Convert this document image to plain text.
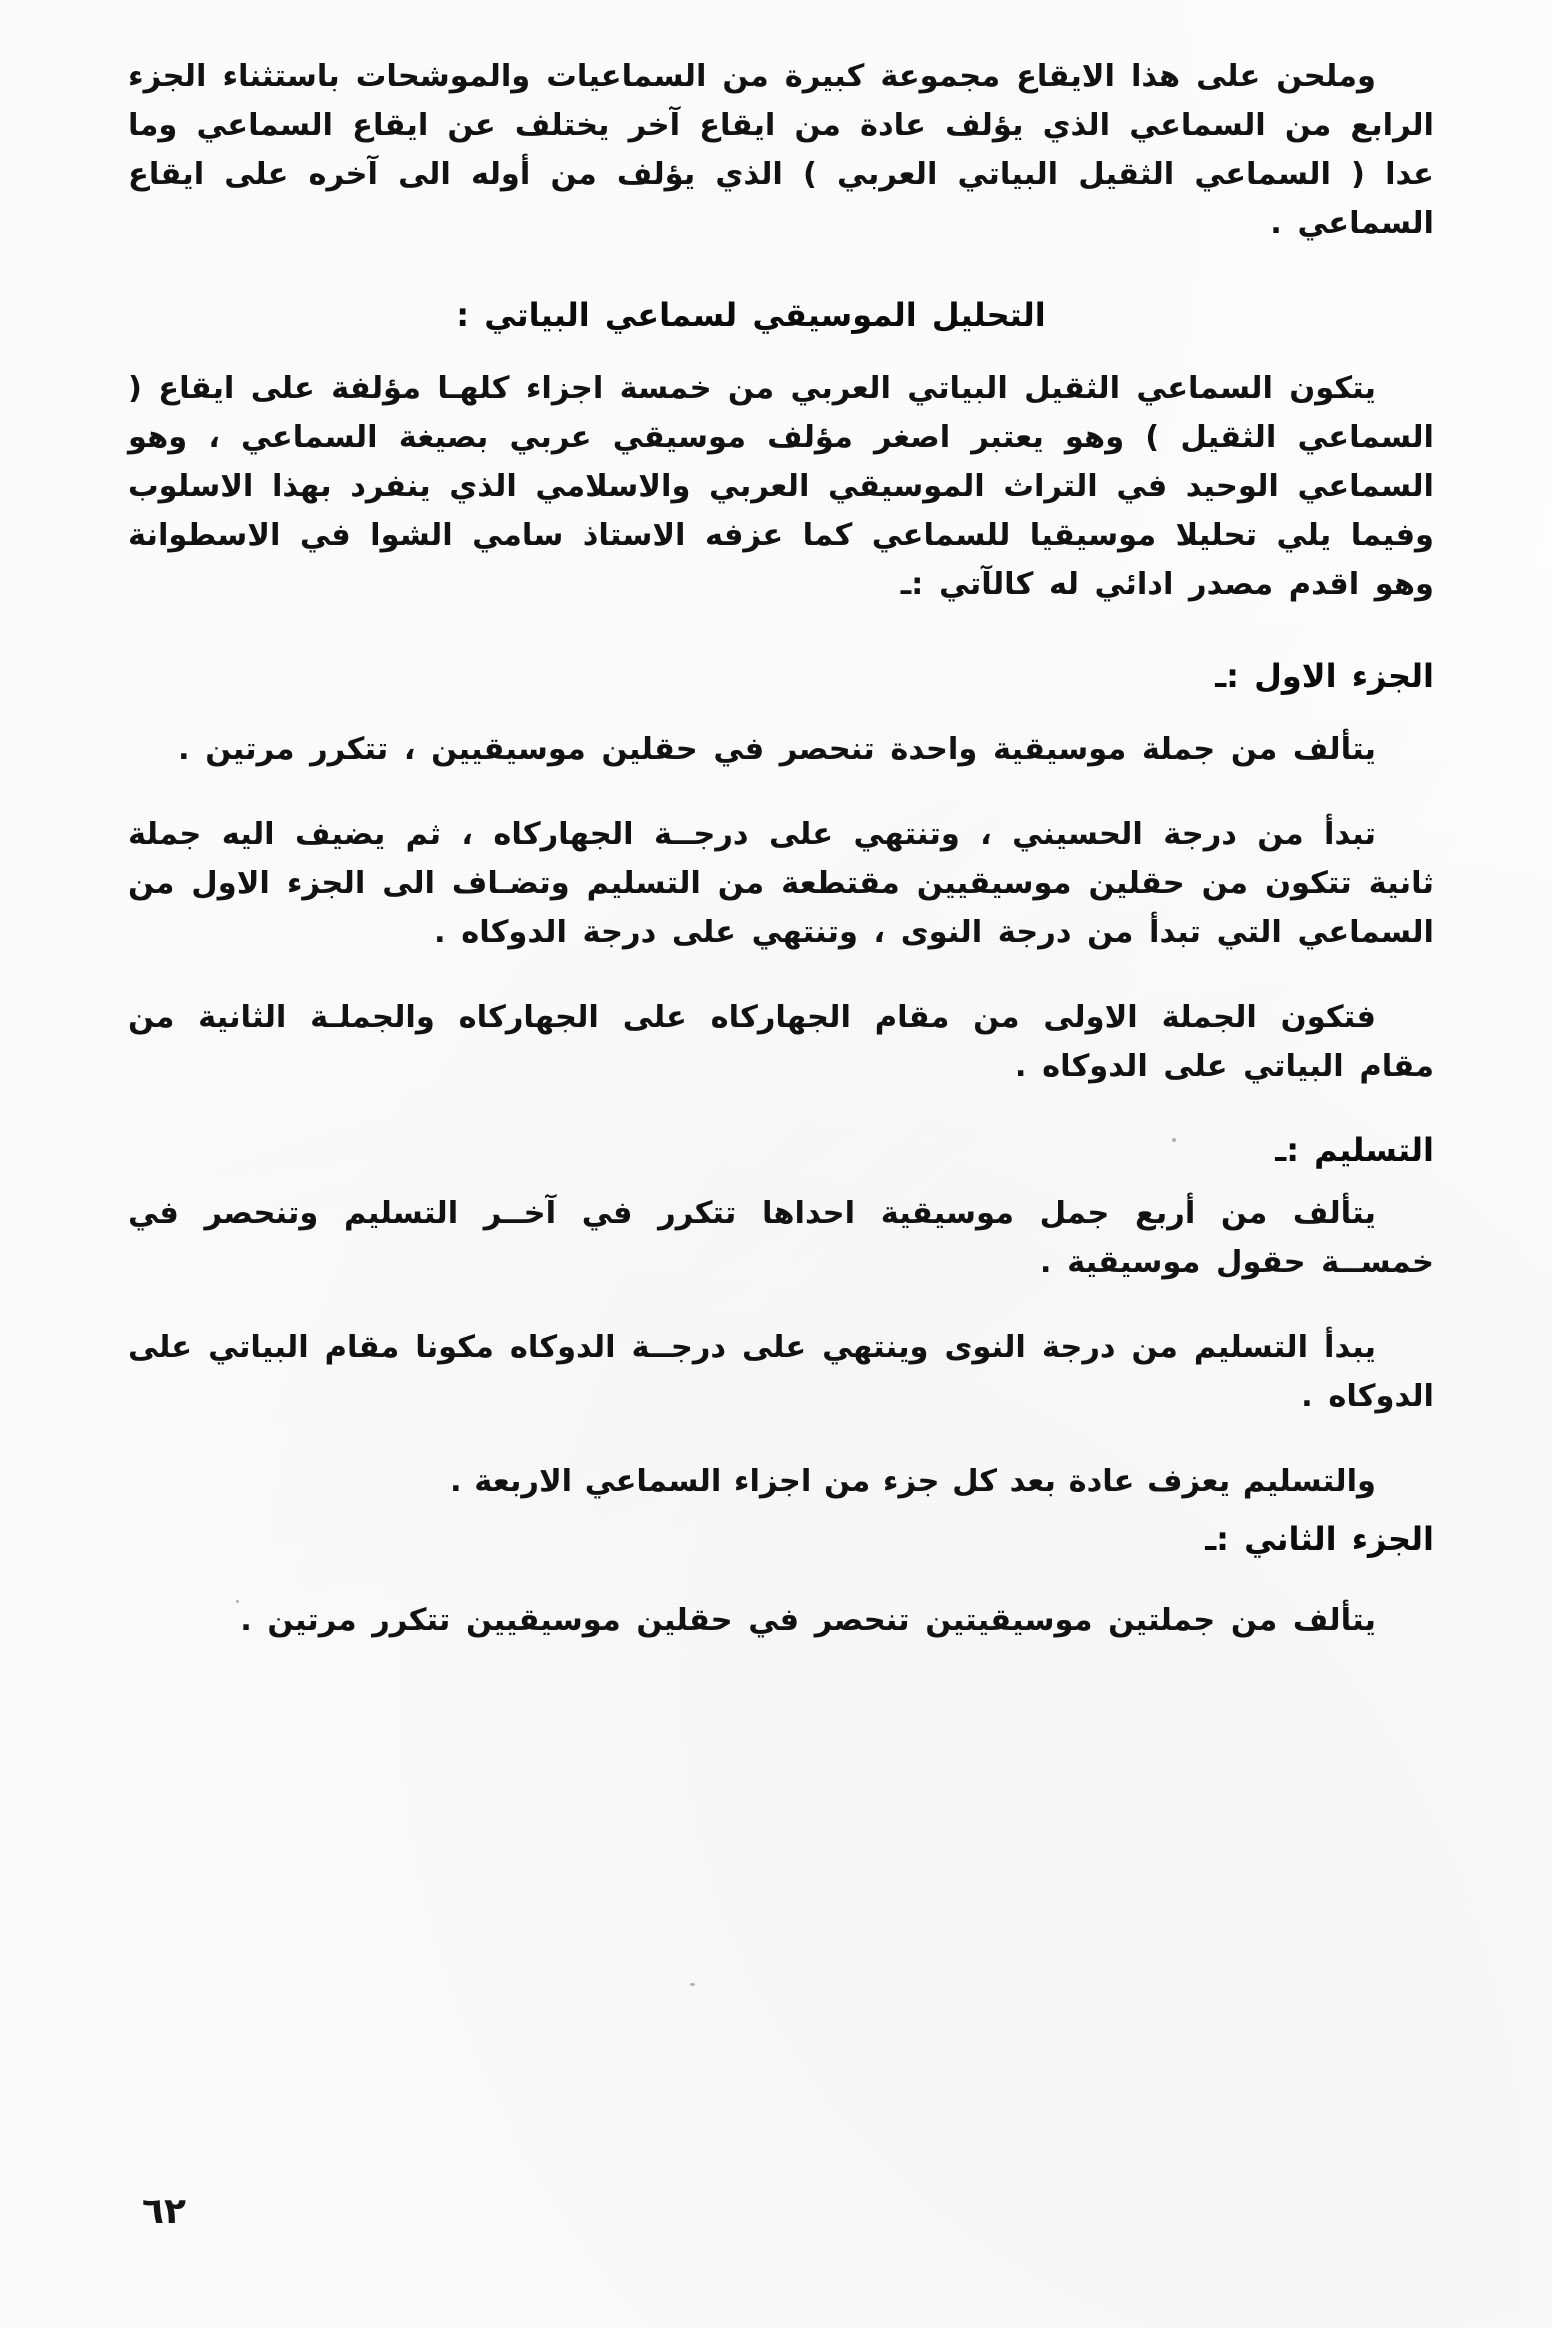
وملحن على هذا الايقاع مجموعة كبيرة من السماعيات والموشحات باستثناء الجزء الرابع من السماعي الذي يؤلف عادة من ايقاع آخر يختلف عن ايقاع السماعي وما عدا ( السماعي الثقيل البياتي العربي ) الذي يؤلف من أوله الى آخره على ايقاع السماعي .

التحليل الموسيقي لسماعي البياتي :

يتكون السماعي الثقيل البياتي العربي من خمسة اجزاء كلهـا مؤلفة على ايقاع ( السماعي الثقيل ) وهو يعتبر اصغر مؤلف موسيقي عربي بصيغة السماعي ، وهو السماعي الوحيد في التراث الموسيقي العربي والاسلامي الذي ينفرد بهذا الاسلوب وفيما يلي تحليلا موسيقيا للسماعي كما عزفه الاستاذ سامي الشوا في الاسطوانة وهو اقدم مصدر ادائي له كالآتي :ـ

الجزء الاول :ـ

يتألف من جملة موسيقية واحدة تنحصر في حقلين موسيقيين ، تتكرر مرتين .

تبدأ من درجة الحسيني ، وتنتهي على درجــة الجهاركاه ، ثم يضيف اليه جملة ثانية تتكون من حقلين موسيقيين مقتطعة من التسليم وتضـاف الى الجزء الاول من السماعي التي تبدأ من درجة النوى ، وتنتهي على درجة الدوكاه .

فتكون الجملة الاولى من مقام الجهاركاه على الجهاركاه والجملـة الثانية من مقام البياتي على الدوكاه .

التسليم :ـ

يتألف من أربع جمل موسيقية احداها تتكرر في آخــر التسليم وتنحصر في خمســة حقول موسيقية .

يبدأ التسليم من درجة النوى وينتهي على درجــة الدوكاه مكونا مقام البياتي على الدوكاه .

والتسليم يعزف عادة بعد كل جزء من اجزاء السماعي الاربعة .

الجزء الثاني :ـ

يتألف من جملتين موسيقيتين تنحصر في حقلين موسيقيين تتكرر مرتين .

٦٢
